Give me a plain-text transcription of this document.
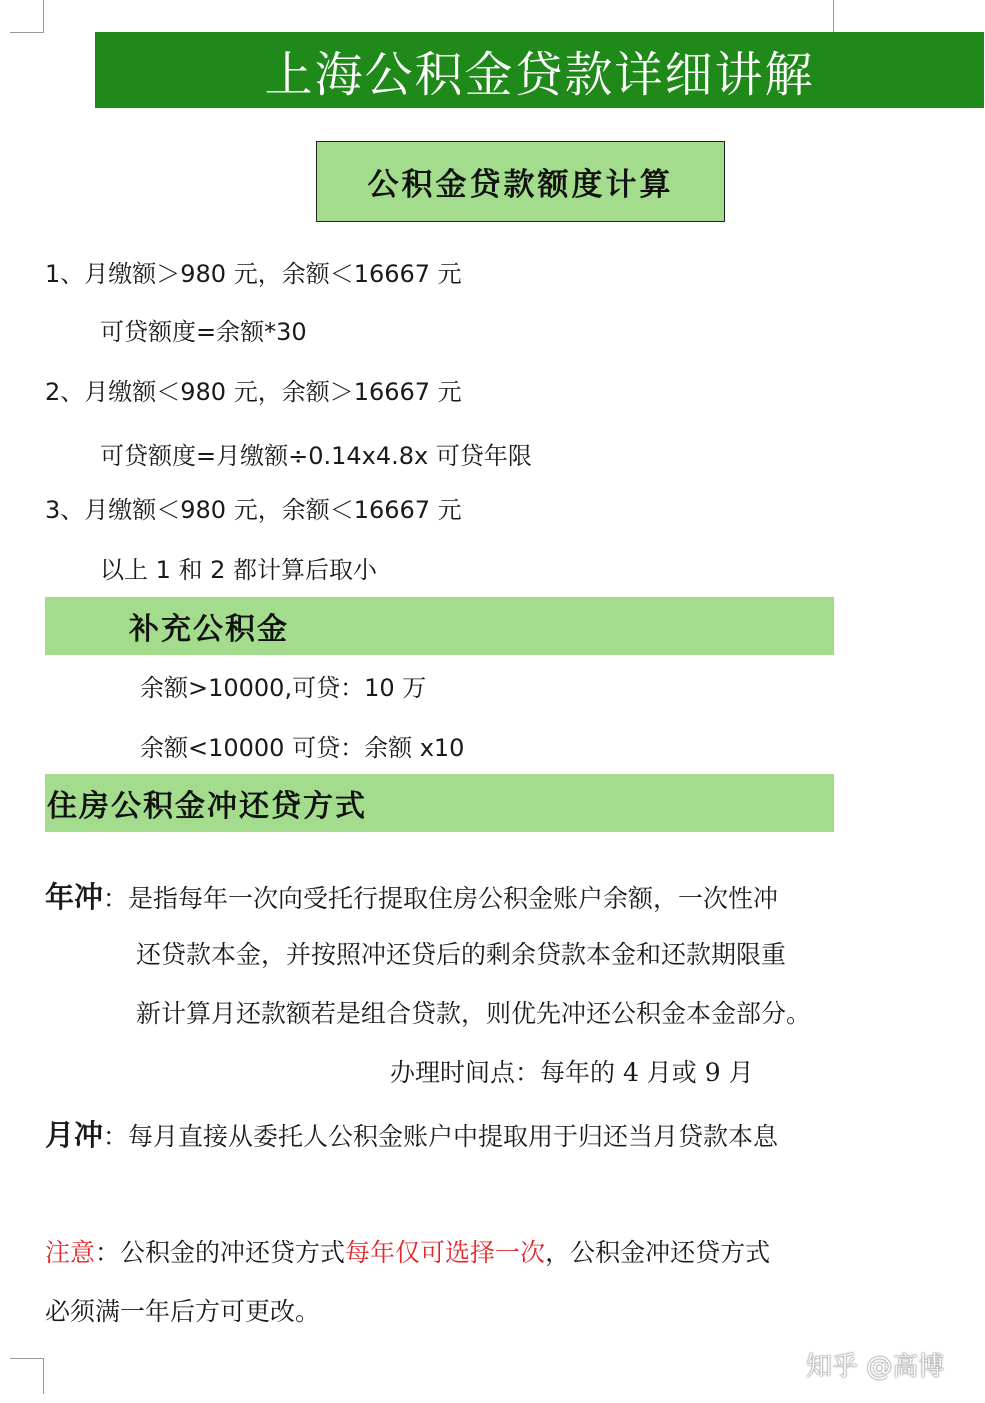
上海公积金贷款详细讲解
公积金贷款额度计算
1、月缴额＞980 元，余额＜16667 元
可贷额度=余额*30
2、月缴额＜980 元，余额＞16667 元
可贷额度=月缴额÷0.14x4.8x 可贷年限
3、月缴额＜980 元，余额＜16667 元
以上 1 和 2 都计算后取小
补充公积金
余额>10000,可贷：10 万
余额<10000 可贷：余额 x10
住房公积金冲还贷方式
年冲：是指每年一次向受托行提取住房公积金账户余额，一次性冲
还贷款本金，并按照冲还贷后的剩余贷款本金和还款期限重
新计算月还款额若是组合贷款，则优先冲还公积金本金部分。
办理时间点：每年的 4 月或 9 月
月冲：每月直接从委托人公积金账户中提取用于归还当月贷款本息
注意：公积金的冲还贷方式每年仅可选择一次，公积金冲还贷方式
必须满一年后方可更改。
知乎 @高博
